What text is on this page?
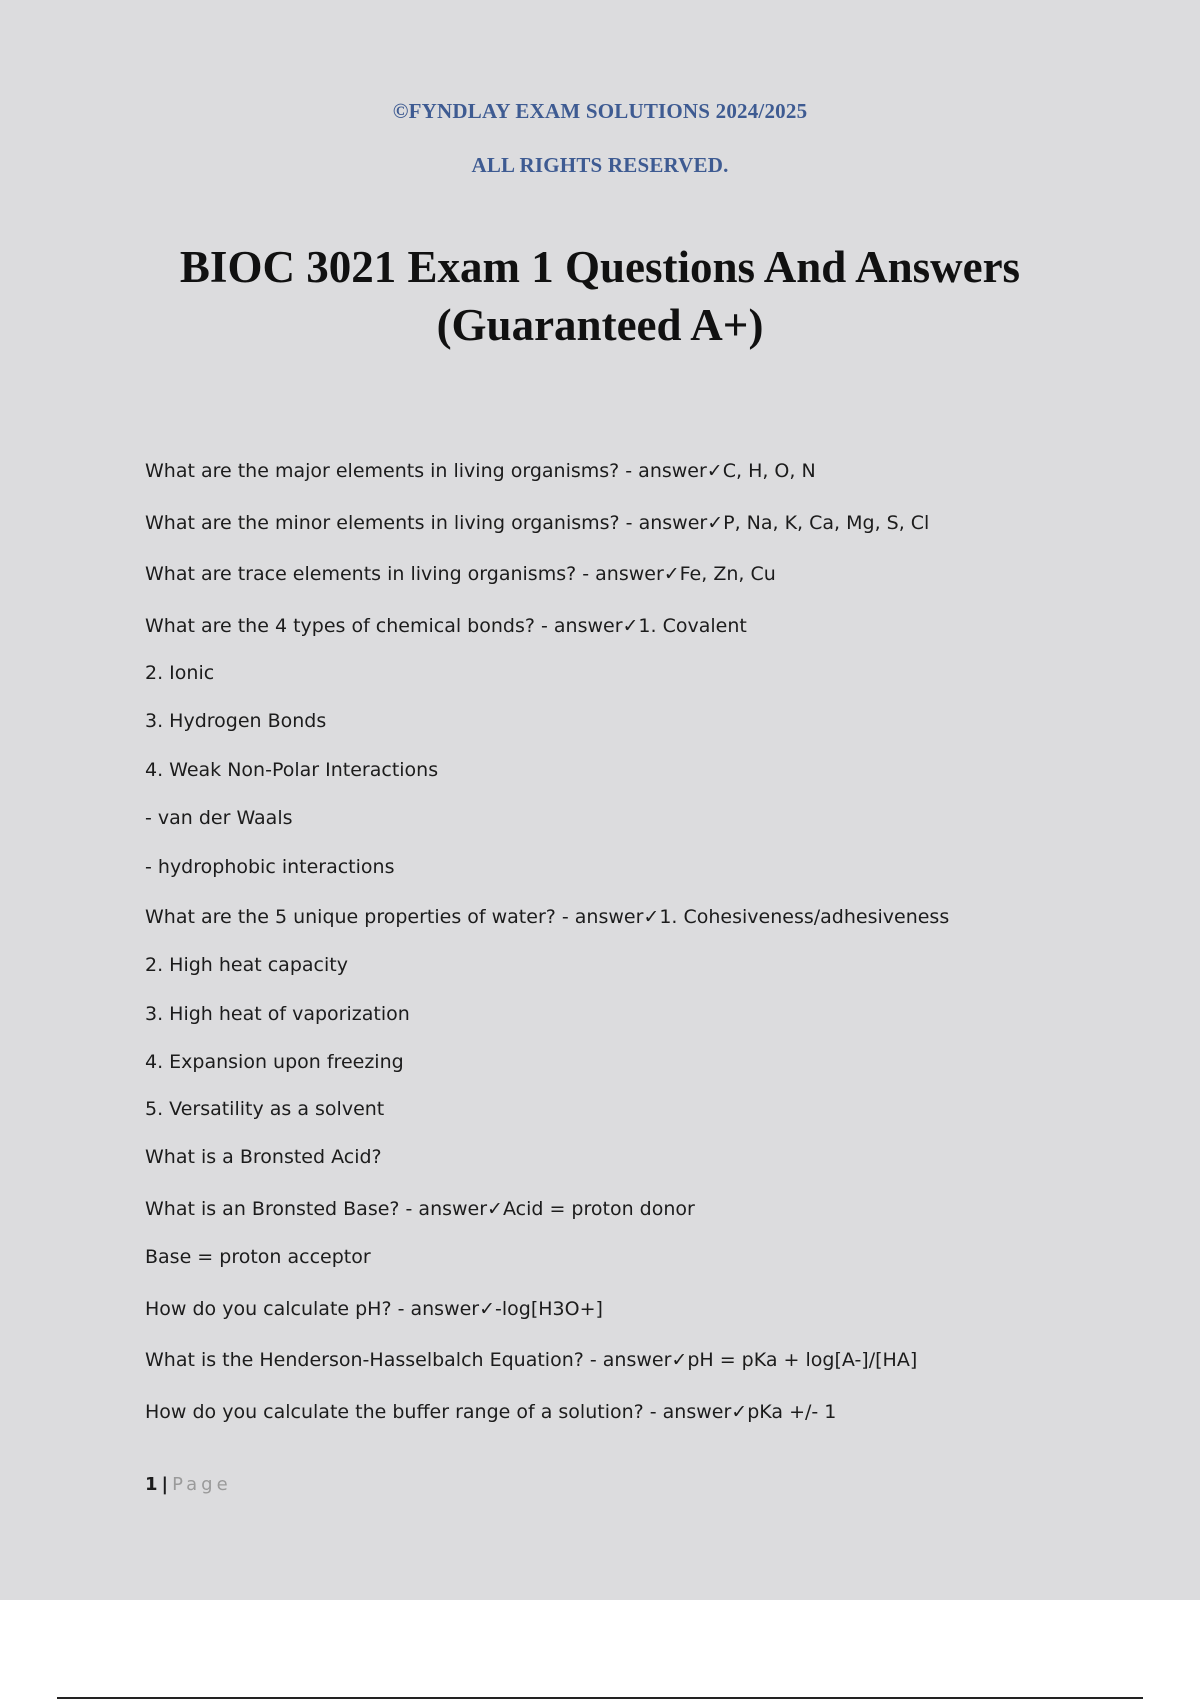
©FYNDLAY EXAM SOLUTIONS 2024/2025
ALL RIGHTS RESERVED.
BIOC 3021 Exam 1 Questions And Answers
(Guaranteed A+)
What are the major elements in living organisms? - answer✓C, H, O, N
What are the minor elements in living organisms? - answer✓P, Na, K, Ca, Mg, S, Cl
What are trace elements in living organisms? - answer✓Fe, Zn, Cu
What are the 4 types of chemical bonds? - answer✓1. Covalent
2. Ionic
3. Hydrogen Bonds
4. Weak Non-Polar Interactions
- van der Waals
- hydrophobic interactions
What are the 5 unique properties of water? - answer✓1. Cohesiveness/adhesiveness
2. High heat capacity
3. High heat of vaporization
4. Expansion upon freezing
5. Versatility as a solvent
What is a Bronsted Acid?
What is an Bronsted Base? - answer✓Acid = proton donor
Base = proton acceptor
How do you calculate pH? - answer✓-log[H3O+]
What is the Henderson-Hasselbalch Equation? - answer✓pH = pKa + log[A-]/[HA]
How do you calculate the buffer range of a solution? - answer✓pKa +/- 1
1 | Page
